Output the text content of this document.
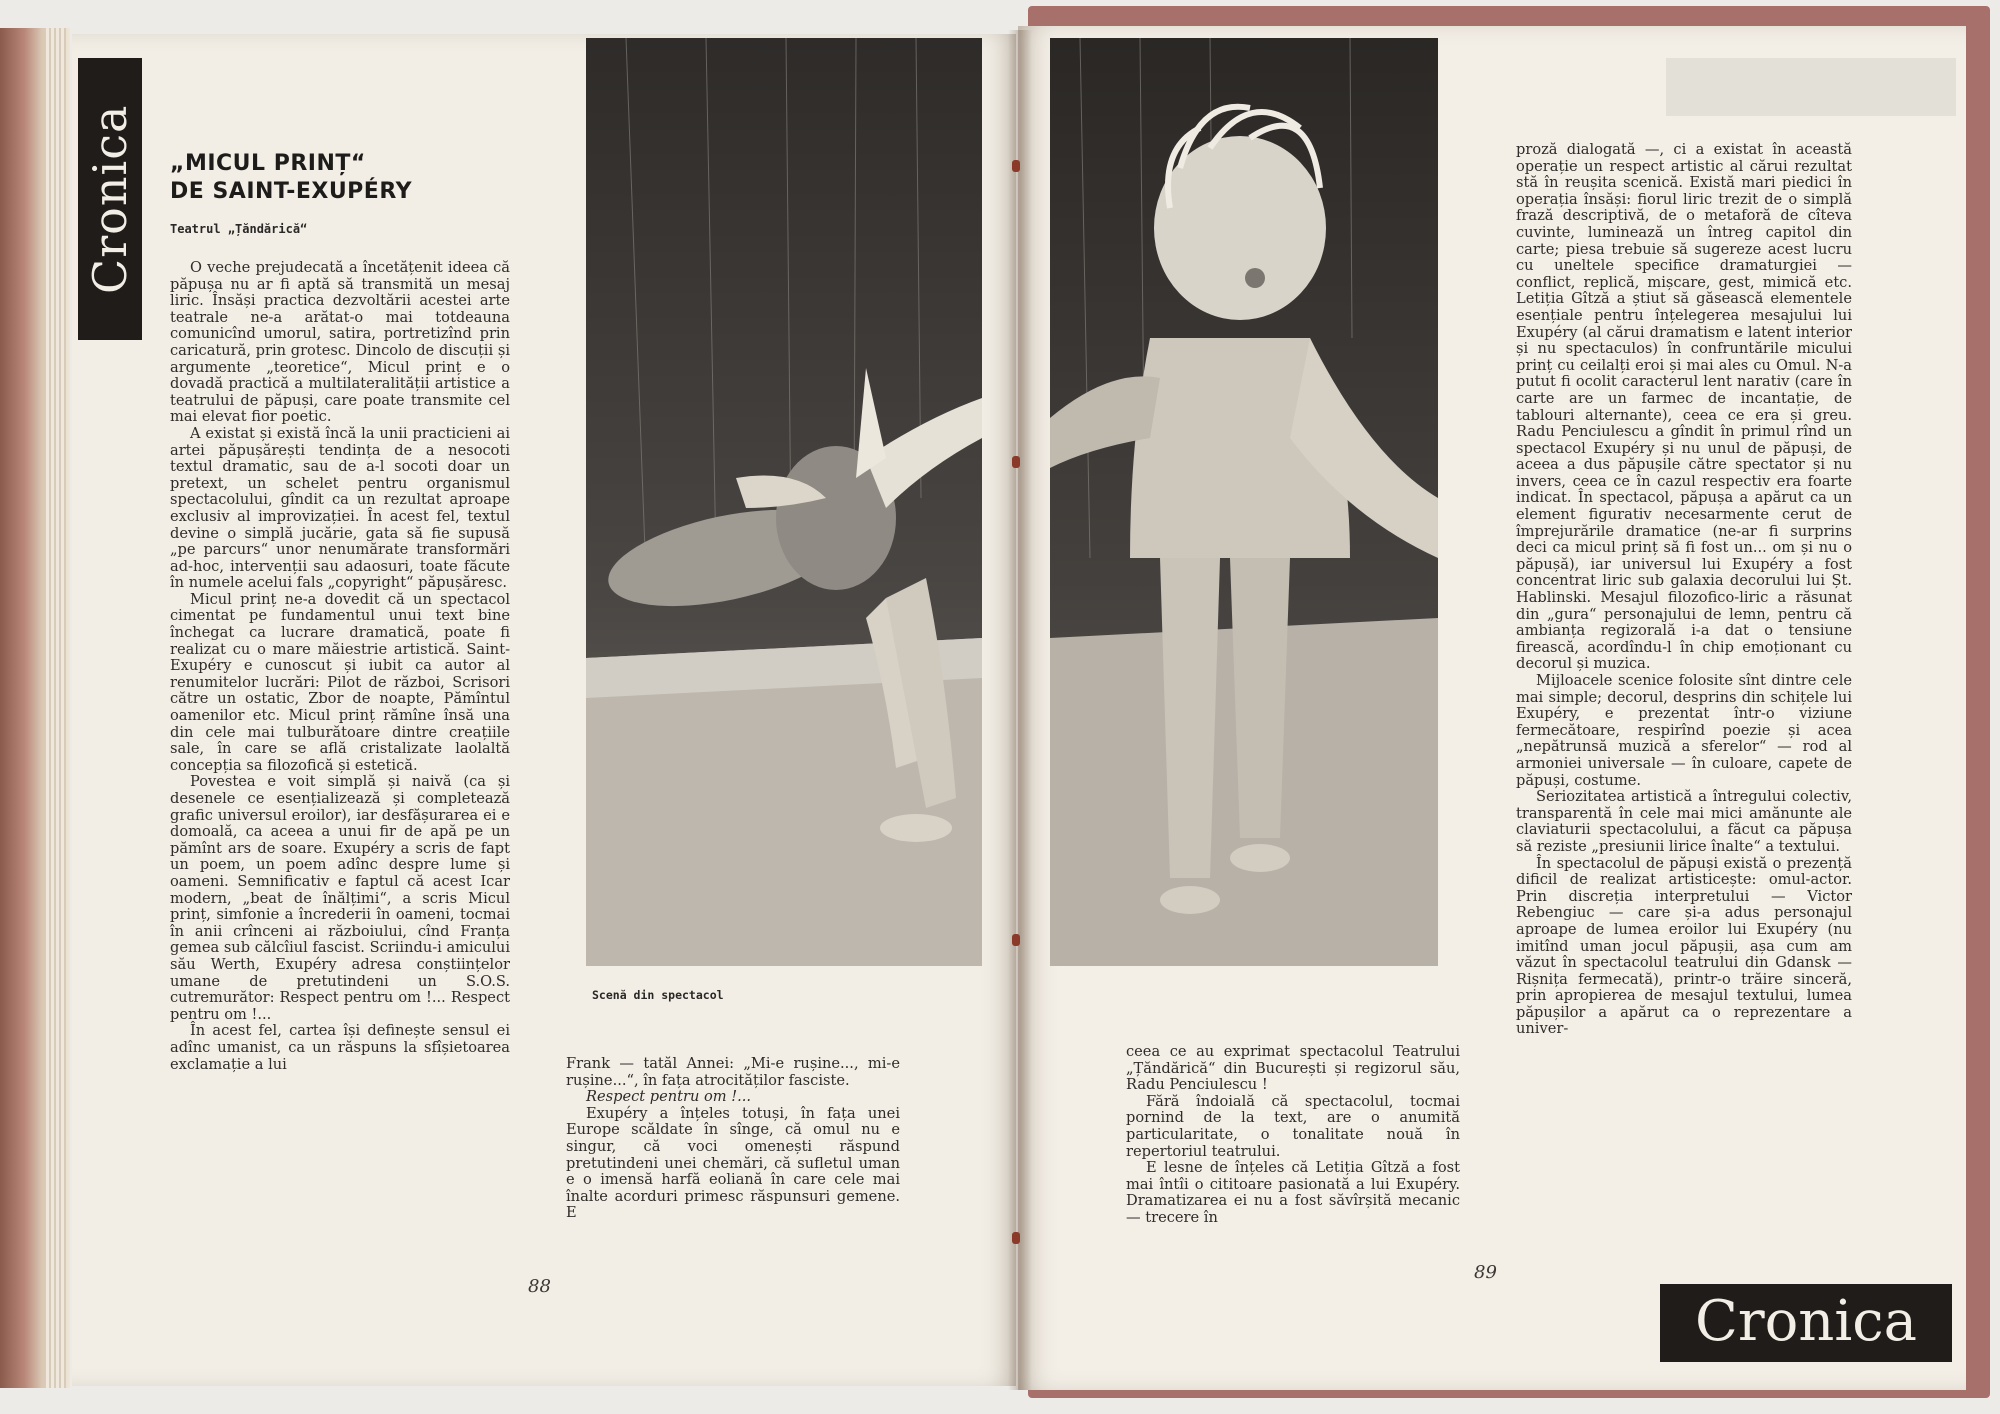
Cronica „MICUL PRINȚ“
DE SAINT-EXUPÉRY
Teatrul „Țăndărică“

O veche prejudecată a încetățenit ideea că păpușa nu ar fi aptă să transmită un mesaj liric. Însăși practica dezvoltării acestei arte teatrale ne-a arătat-o mai totdeauna comunicînd umorul, satira, portretizînd prin caricatură, prin grotesc. Dincolo de discuții și argumente „teoretice“, Micul prinț e o dovadă practică a multilateralității artistice a teatrului de păpuși, care poate transmite cel mai elevat fior poetic.

A existat și există încă la unii practicieni ai artei păpușărești tendința de a nesocoti textul dramatic, sau de a-l socoti doar un pretext, un schelet pentru organismul spectacolului, gîndit ca un rezultat aproape exclusiv al improvizației. În acest fel, textul devine o simplă jucărie, gata să fie supusă „pe parcurs“ unor nenumărate transformări ad-hoc, intervenții sau adaosuri, toate făcute în numele acelui fals „copyright“ păpușăresc.

Micul prinț ne-a dovedit că un spectacol cimentat pe fundamentul unui text bine închegat ca lucrare dramatică, poate fi realizat cu o mare măiestrie artistică. Saint-Exupéry e cunoscut și iubit ca autor al renumitelor lucrări: Pilot de război, Scrisori către un ostatic, Zbor de noapte, Pămîntul oamenilor etc. Micul prinț rămîne însă una din cele mai tulburătoare dintre creațiile sale, în care se află cristalizate laolaltă concepția sa filozofică și estetică.

Povestea e voit simplă și naivă (ca și desenele ce esențializează și completează grafic universul eroilor), iar desfășurarea ei e domoală, ca aceea a unui fir de apă pe un pămînt ars de soare. Exupéry a scris de fapt un poem, un poem adînc despre lume și oameni. Semnificativ e faptul că acest Icar modern, „beat de înălțimi“, a scris Micul prinț, simfonie a încrederii în oameni, tocmai în anii crînceni ai războiului, cînd Franța gemea sub călcîiul fascist. Scriindu-i amicului său Werth, Exupéry adresa conștiințelor umane de pretutindeni un S.O.S. cutremurător: Respect pentru om !... Respect pentru om !...

În acest fel, cartea își definește sensul ei adînc umanist, ca un răspuns la sfîșietoarea exclamație a lui

Scenă din spectacol

Frank — tatăl Annei: „Mi-e rușine..., mi-e rușine...“, în fața atrocităților fasciste.

Respect pentru om !...

Exupéry a înțeles totuși, în fața unei Europe scăldate în sînge, că omul nu e singur, că voci omenești răspund pretutindeni unei chemări, că sufletul uman e o imensă harfă eoliană în care cele mai înalte acorduri primesc răspunsuri gemene. E

ceea ce au exprimat spectacolul Teatrului „Țăndărică“ din București și regizorul său, Radu Penciulescu !

Fără îndoială că spectacolul, tocmai pornind de la text, are o anumită particularitate, o tonalitate nouă în repertoriul teatrului.

E lesne de înțeles că Letiția Gîtză a fost mai întîi o cititoare pasionată a lui Exupéry. Dramatizarea ei nu a fost săvîrșită mecanic — trecere în

proză dialogată —, ci a existat în această operație un respect artistic al cărui rezultat stă în reușita scenică. Există mari piedici în operația însăși: fiorul liric trezit de o simplă frază descriptivă, de o metaforă de cîteva cuvinte, luminează un întreg capitol din carte; piesa trebuie să sugereze acest lucru cu uneltele specifice dramaturgiei — conflict, replică, mișcare, gest, mimică etc. Letiția Gîtză a știut să găsească elementele esențiale pentru înțelegerea mesajului lui Exupéry (al cărui dramatism e latent interior și nu spectaculos) în confruntările micului prinț cu ceilalți eroi și mai ales cu Omul. N-a putut fi ocolit caracterul lent narativ (care în carte are un farmec de incantație, de tablouri alternante), ceea ce era și greu. Radu Penciulescu a gîndit în primul rînd un spectacol Exupéry și nu unul de păpuși, de aceea a dus păpușile către spectator și nu invers, ceea ce în cazul respectiv era foarte indicat. În spectacol, păpușa a apărut ca un element figurativ necesarmente cerut de împrejurările dramatice (ne-ar fi surprins deci ca micul prinț să fi fost un... om și nu o păpușă), iar universul lui Exupéry a fost concentrat liric sub galaxia decorului lui Șt. Hablinski. Mesajul filozofico-liric a răsunat din „gura“ personajului de lemn, pentru că ambianța regizorală i-a dat o tensiune firească, acordîndu-l în chip emoționant cu decorul și muzica.

Mijloacele scenice folosite sînt dintre cele mai simple; decorul, desprins din schițele lui Exupéry, e prezentat într-o viziune fermecătoare, respirînd poezie și acea „nepătrunsă muzică a sferelor“ — rod al armoniei universale — în culoare, capete de păpuși, costume.

Seriozitatea artistică a întregului colectiv, transparentă în cele mai mici amănunte ale claviaturii spectacolului, a făcut ca păpușa să reziste „presiunii lirice înalte“ a textului.

În spectacolul de păpuși există o prezență dificil de realizat artisticește: omul-actor. Prin discreția interpretului — Victor Rebengiuc — care și-a adus personajul aproape de lumea eroilor lui Exupéry (nu imitînd uman jocul păpușii, așa cum am văzut în spectacolul teatrului din Gdansk — Rișnița fermecată), printr-o trăire sinceră, prin apropierea de mesajul textului, lumea păpușilor a apărut ca o reprezentare a univer-

88
89
Cronica
